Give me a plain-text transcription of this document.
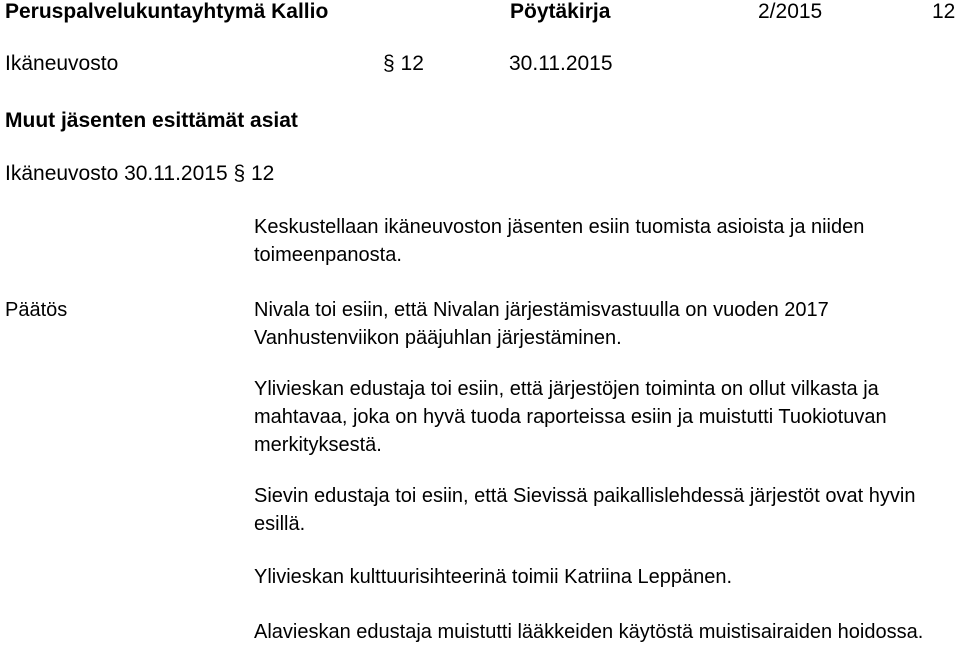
Peruspalvelukuntayhtymä Kallio	Pöytäkirja	2/2015	12
Ikäneuvosto	§ 12	30.11.2015
Muut jäsenten esittämät asiat
Ikäneuvosto 30.11.2015 § 12
Keskustellaan ikäneuvoston jäsenten esiin tuomista asioista ja niiden toimeenpanosta.
Päätös	Nivala toi esiin, että Nivalan järjestämisvastuulla on vuoden 2017 Vanhustenviikon pääjuhlan järjestäminen.
Ylivieskan edustaja toi esiin, että järjestöjen toiminta on ollut vilkasta ja mahtavaa, joka on hyvä tuoda raporteissa esiin ja muistutti Tuokiotuvan merkityksestä.
Sievin edustaja toi esiin, että Sievissä paikallislehdessä järjestöt ovat hyvin esillä.
Ylivieskan kulttuurisihteerinä toimii Katriina Leppänen.
Alavieskan edustaja muistutti lääkkeiden käytöstä muistisairaiden hoidossa.
